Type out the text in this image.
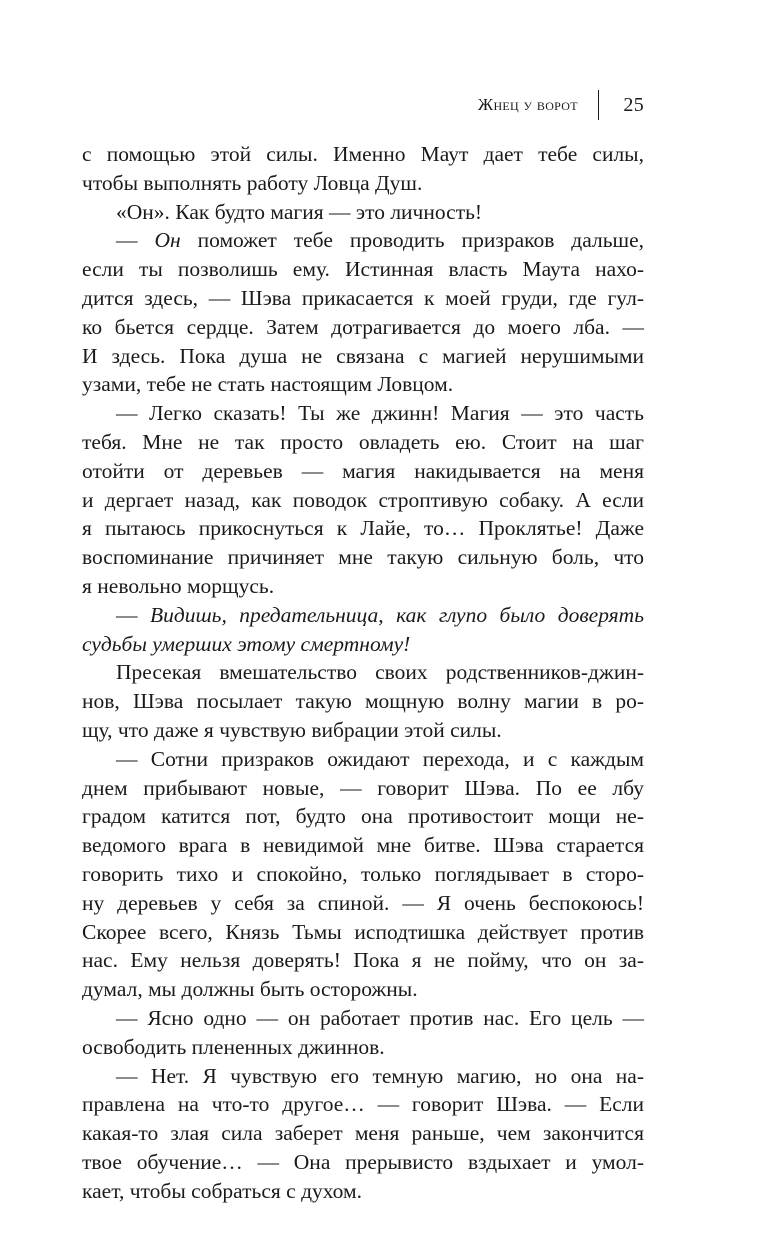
Жнец у ворот 25
с помощью этой силы. Именно Маут дает тебе силы,
чтобы выполнять работу Ловца Душ.
«Он». Как будто магия — это личность!
— Он поможет тебе проводить призраков дальше,
если ты позволишь ему. Истинная власть Маута нахо-
дится здесь, — Шэва прикасается к моей груди, где гул-
ко бьется сердце. Затем дотрагивается до моего лба. —
И здесь. Пока душа не связана с магией нерушимыми
узами, тебе не стать настоящим Ловцом.
— Легко сказать! Ты же джинн! Магия — это часть
тебя. Мне не так просто овладеть ею. Стоит на шаг
отойти от деревьев — магия накидывается на меня
и дергает назад, как поводок строптивую собаку. А если
я пытаюсь прикоснуться к Лайе, то… Проклятье! Даже
воспоминание причиняет мне такую сильную боль, что
я невольно морщусь.
— Видишь, предательница, как глупо было доверять
судьбы умерших этому смертному!
Пресекая вмешательство своих родственников-джин-
нов, Шэва посылает такую мощную волну магии в ро-
щу, что даже я чувствую вибрации этой силы.
— Сотни призраков ожидают перехода, и с каждым
днем прибывают новые, — говорит Шэва. По ее лбу
градом катится пот, будто она противостоит мощи не-
ведомого врага в невидимой мне битве. Шэва старается
говорить тихо и спокойно, только поглядывает в сторо-
ну деревьев у себя за спиной. — Я очень беспокоюсь!
Скорее всего, Князь Тьмы исподтишка действует против
нас. Ему нельзя доверять! Пока я не пойму, что он за-
думал, мы должны быть осторожны.
— Ясно одно — он работает против нас. Его цель —
освободить плененных джиннов.
— Нет. Я чувствую его темную магию, но она на-
правлена на что-то другое… — говорит Шэва. — Если
какая-то злая сила заберет меня раньше, чем закончится
твое обучение… — Она прерывисто вздыхает и умол-
кает, чтобы собраться с духом.
